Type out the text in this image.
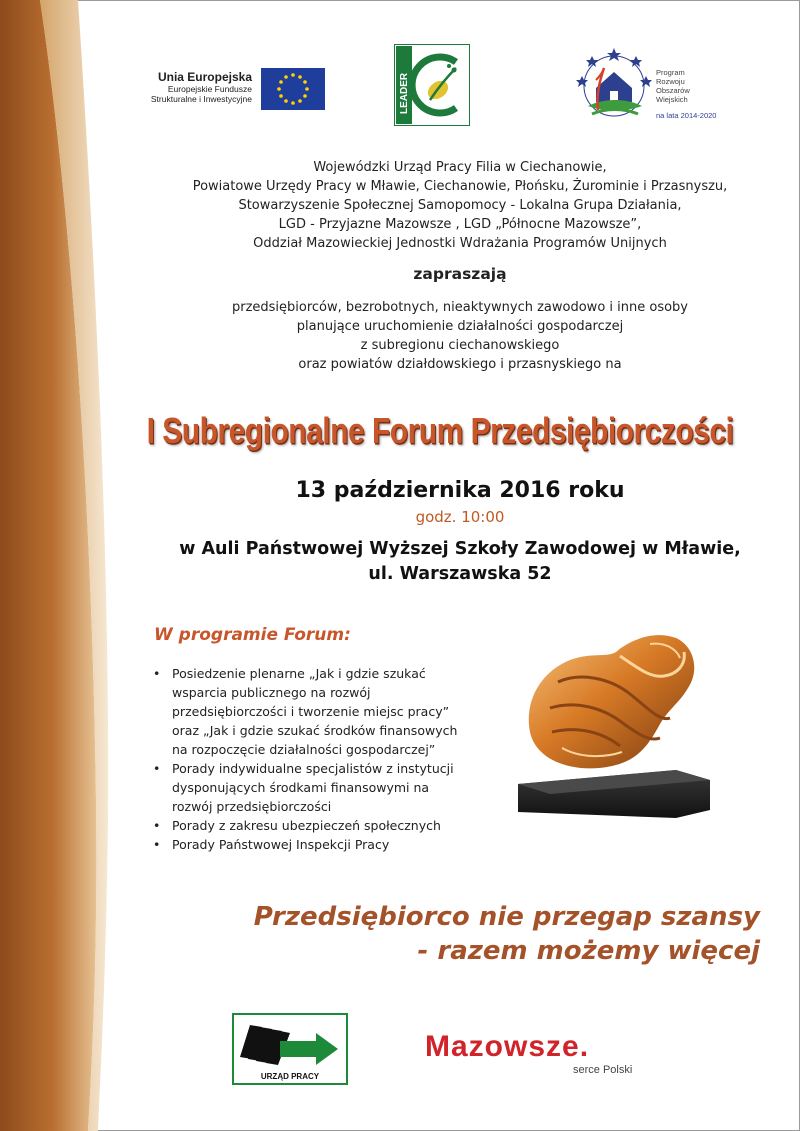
Unia Europejska
Europejskie Fundusze
Strukturalne i Inwestycyjne	LEADER
Program
Rozwoju
Obszarów
Wiejskich
na lata 2014-2020
Wojewódzki Urząd Pracy Filia w Ciechanowie,
Powiatowe Urzędy Pracy w Mławie, Ciechanowie, Płońsku, Żurominie i Przasnyszu,
Stowarzyszenie Społecznej Samopomocy - Lokalna Grupa Działania,
LGD - Przyjazne Mazowsze , LGD „Północne Mazowsze”,
Oddział Mazowieckiej Jednostki Wdrażania Programów Unijnych
zapraszają
przedsiębiorców, bezrobotnych, nieaktywnych zawodowo i inne osoby
planujące uruchomienie działalności gospodarczej
z subregionu ciechanowskiego
oraz powiatów działdowskiego i przasnyskiego na
I Subregionalne Forum Przedsiębiorczości
13 października 2016 roku
godz. 10:00
w Auli Państwowej Wyższej Szkoły Zawodowej w Mławie,
ul. Warszawska 52
W programie Forum:
• Posiedzenie plenarne „Jak i gdzie szukać
wsparcia publicznego na rozwój
przedsiębiorczości i tworzenie miejsc pracy”
oraz „Jak i gdzie szukać środków finansowych
na rozpoczęcie działalności gospodarczej”
• Porady indywidualne specjalistów z instytucji
dysponujących środkami finansowymi na
rozwój przedsiębiorczości
• Porady z zakresu ubezpieczeń społecznych
• Porady Państwowej Inspekcji Pracy
Przedsiębiorco nie przegap szansy
- razem możemy więcej
URZĄD PRACY
Mazowsze.
serce Polski
